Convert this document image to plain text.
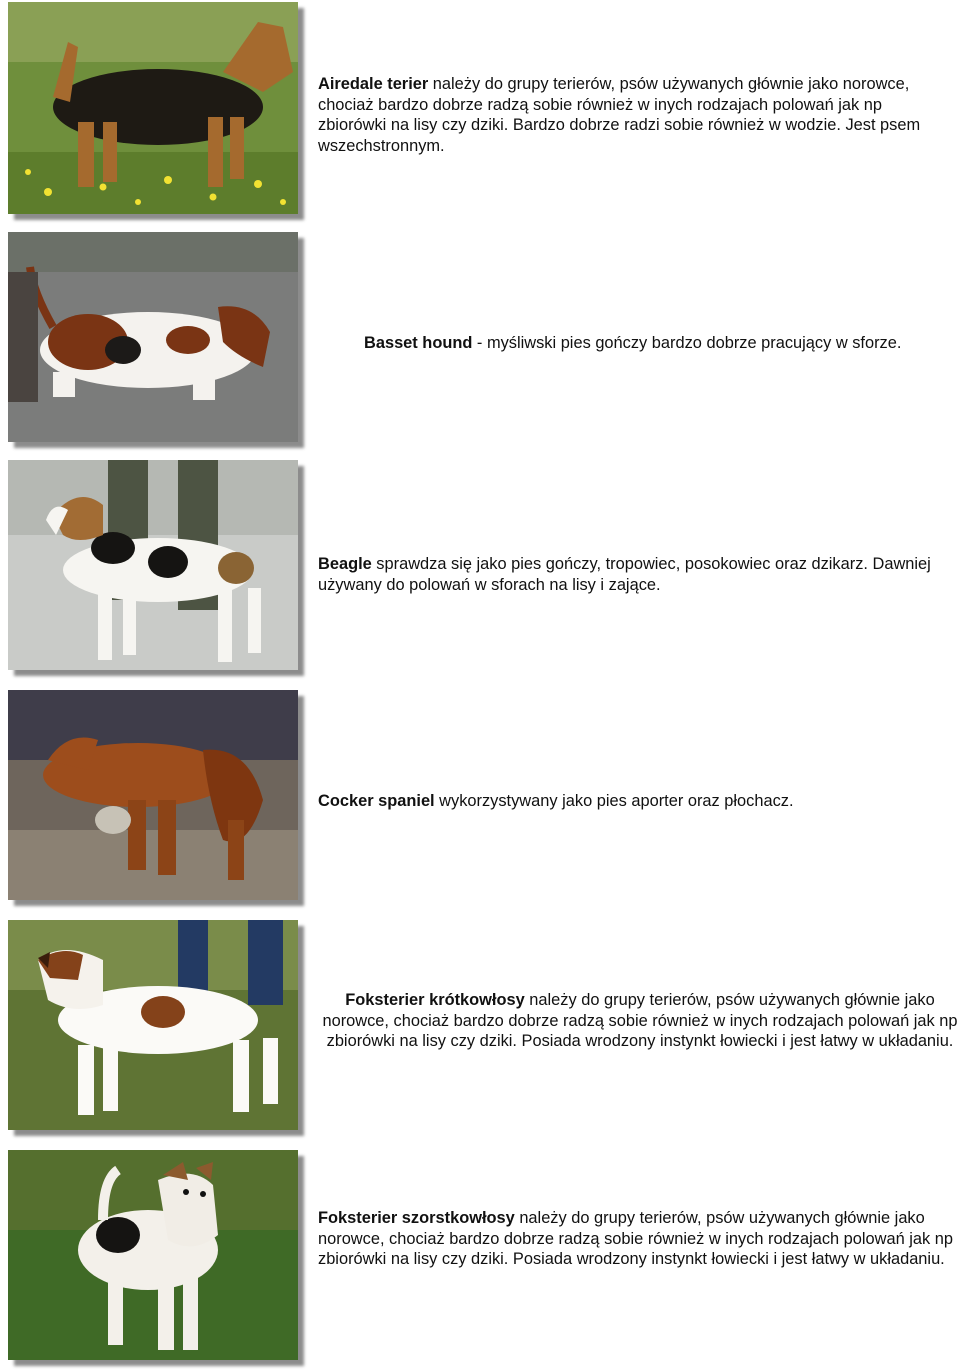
Airedale terier należy do grupy terierów, psów używanych głównie jako norowce, chociaż bardzo dobrze radzą sobie również w inych rodzajach polowań jak np zbiorówki na lisy czy dziki. Bardzo dobrze radzi sobie również w wodzie. Jest psem wszechstronnym.
Basset hound - myśliwski pies gończy bardzo dobrze pracujący w sforze.
Beagle sprawdza się jako pies gończy, tropowiec, posokowiec oraz dzikarz. Dawniej używany do polowań w sforach na lisy i zające.
Cocker spaniel wykorzystywany jako pies aporter oraz płochacz.
Foksterier krótkowłosy należy do grupy terierów, psów używanych głównie jako norowce, chociaż bardzo dobrze radzą sobie również w inych rodzajach polowań jak np zbiorówki na lisy czy dziki. Posiada wrodzony instynkt łowiecki i jest łatwy w układaniu.
Foksterier szorstkowłosy należy do grupy terierów, psów używanych głównie jako norowce, chociaż bardzo dobrze radzą sobie również w inych rodzajach polowań jak np zbiorówki na lisy czy dziki. Posiada wrodzony instynkt łowiecki i jest łatwy w układaniu.
